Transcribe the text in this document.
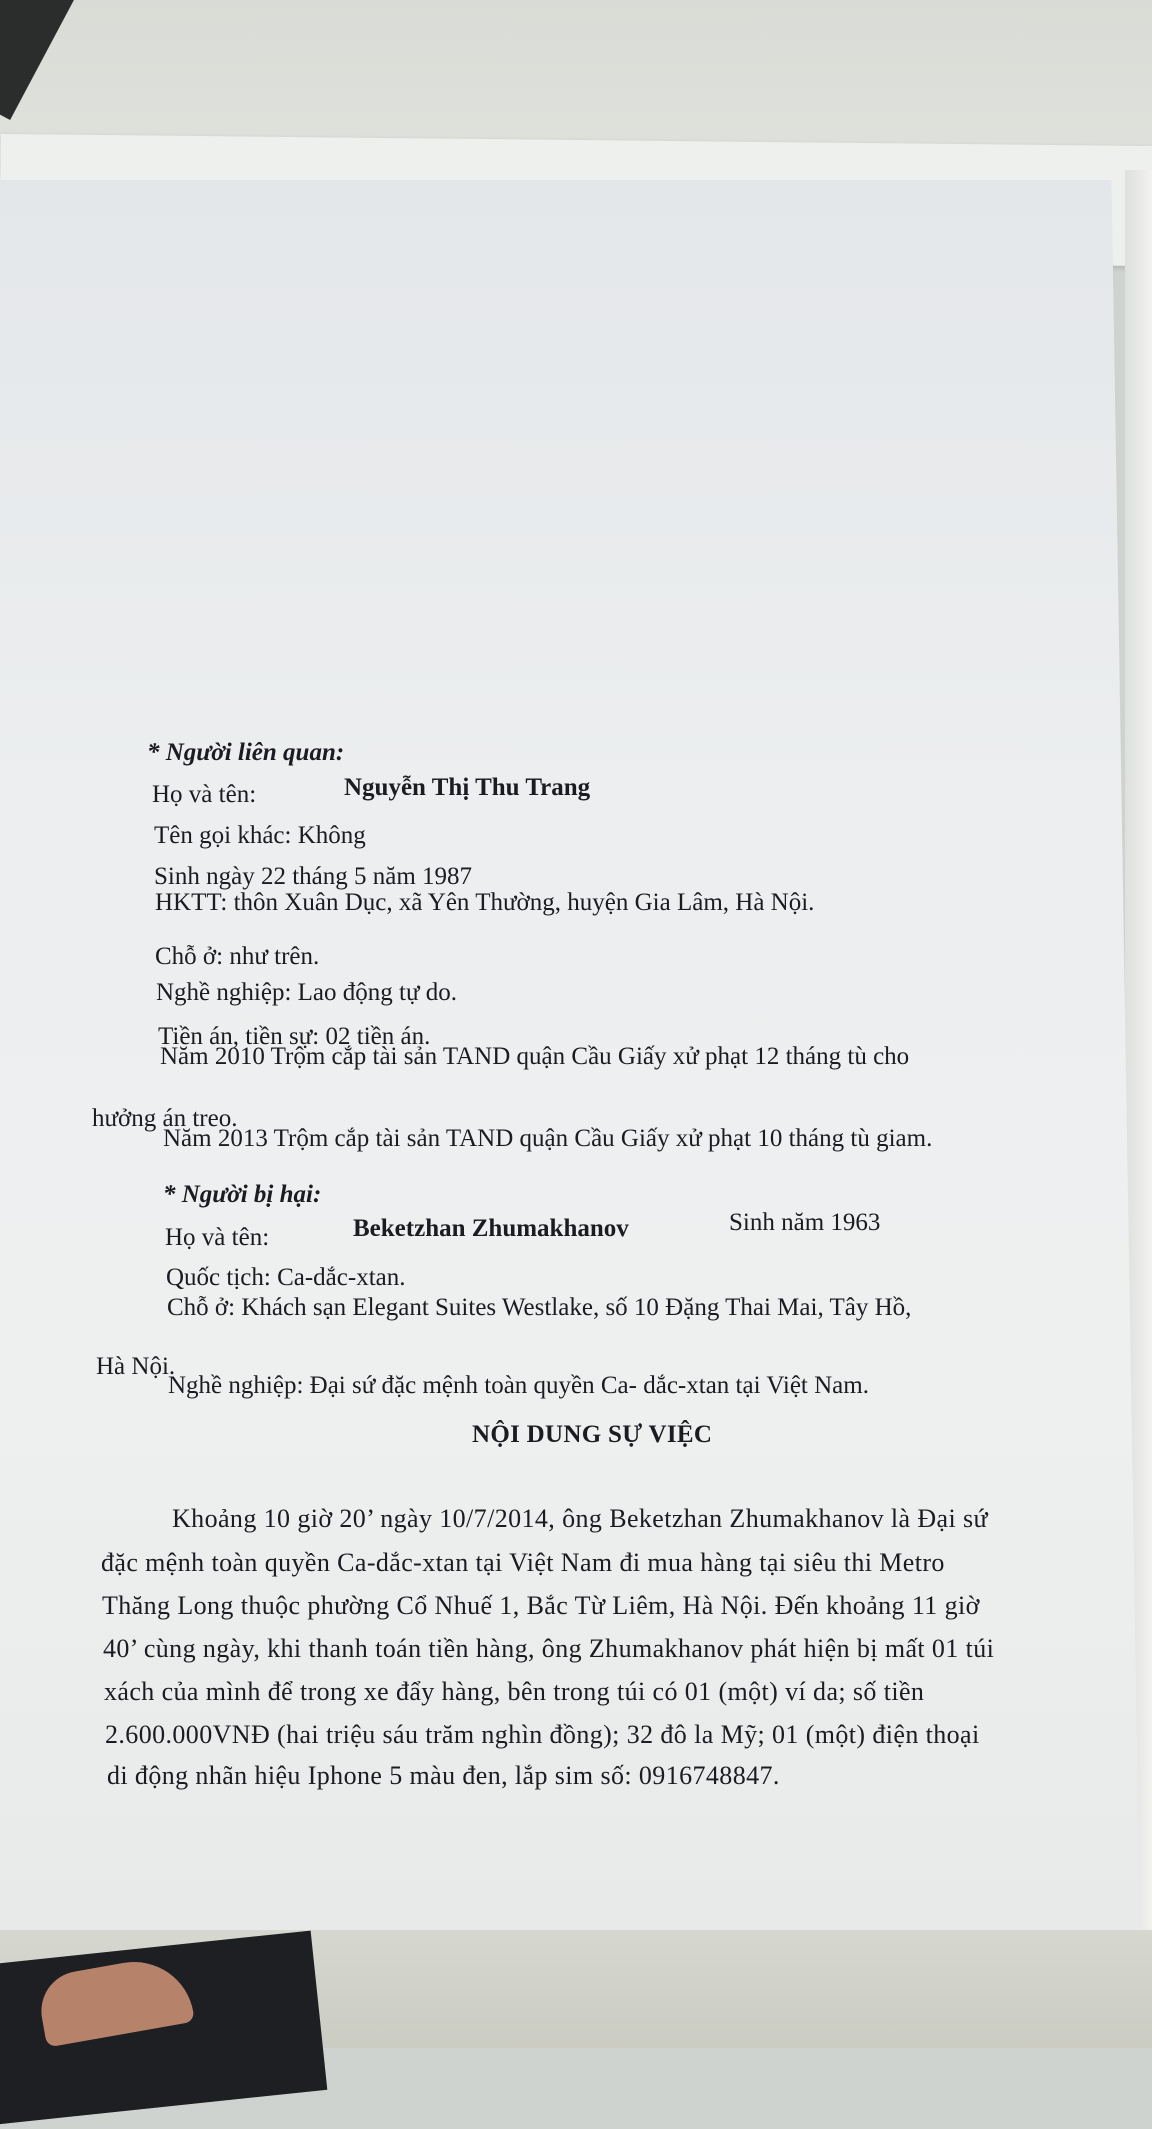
* Người liên quan:
Họ và tên:	Nguyễn Thị Thu Trang
Tên gọi khác: Không
Sinh ngày 22 tháng 5 năm 1987
HKTT: thôn Xuân Dục, xã Yên Thường, huyện Gia Lâm, Hà Nội.
Chỗ ở: như trên.
Nghề nghiệp: Lao động tự do.
Tiền án, tiền sự: 02 tiền án.
Năm 2010 Trộm cắp tài sản TAND quận Cầu Giấy xử phạt 12 tháng tù cho
hưởng án treo.
Năm 2013 Trộm cắp tài sản TAND quận Cầu Giấy xử phạt 10 tháng tù giam.
* Người bị hại:
Họ và tên:	Beketzhan Zhumakhanov	Sinh năm 1963
Quốc tịch: Ca-dắc-xtan.
Chỗ ở: Khách sạn Elegant Suites Westlake, số 10 Đặng Thai Mai, Tây Hồ,
Hà Nội.
Nghề nghiệp: Đại sứ đặc mệnh toàn quyền Ca- dắc-xtan tại Việt Nam.
NỘI DUNG SỰ VIỆC
Khoảng 10 giờ 20’ ngày 10/7/2014, ông Beketzhan Zhumakhanov là Đại sứ
đặc mệnh toàn quyền Ca-dắc-xtan tại Việt Nam đi mua hàng tại siêu thi Metro
Thăng Long thuộc phường Cổ Nhuế 1, Bắc Từ Liêm, Hà Nội. Đến khoảng 11 giờ
40’ cùng ngày, khi thanh toán tiền hàng, ông Zhumakhanov phát hiện bị mất 01 túi
xách của mình để trong xe đẩy hàng, bên trong túi có 01 (một) ví da; số tiền
2.600.000VNĐ (hai triệu sáu trăm nghìn đồng); 32 đô la Mỹ; 01 (một) điện thoại
di động nhãn hiệu Iphone 5 màu đen, lắp sim số: 0916748847.
